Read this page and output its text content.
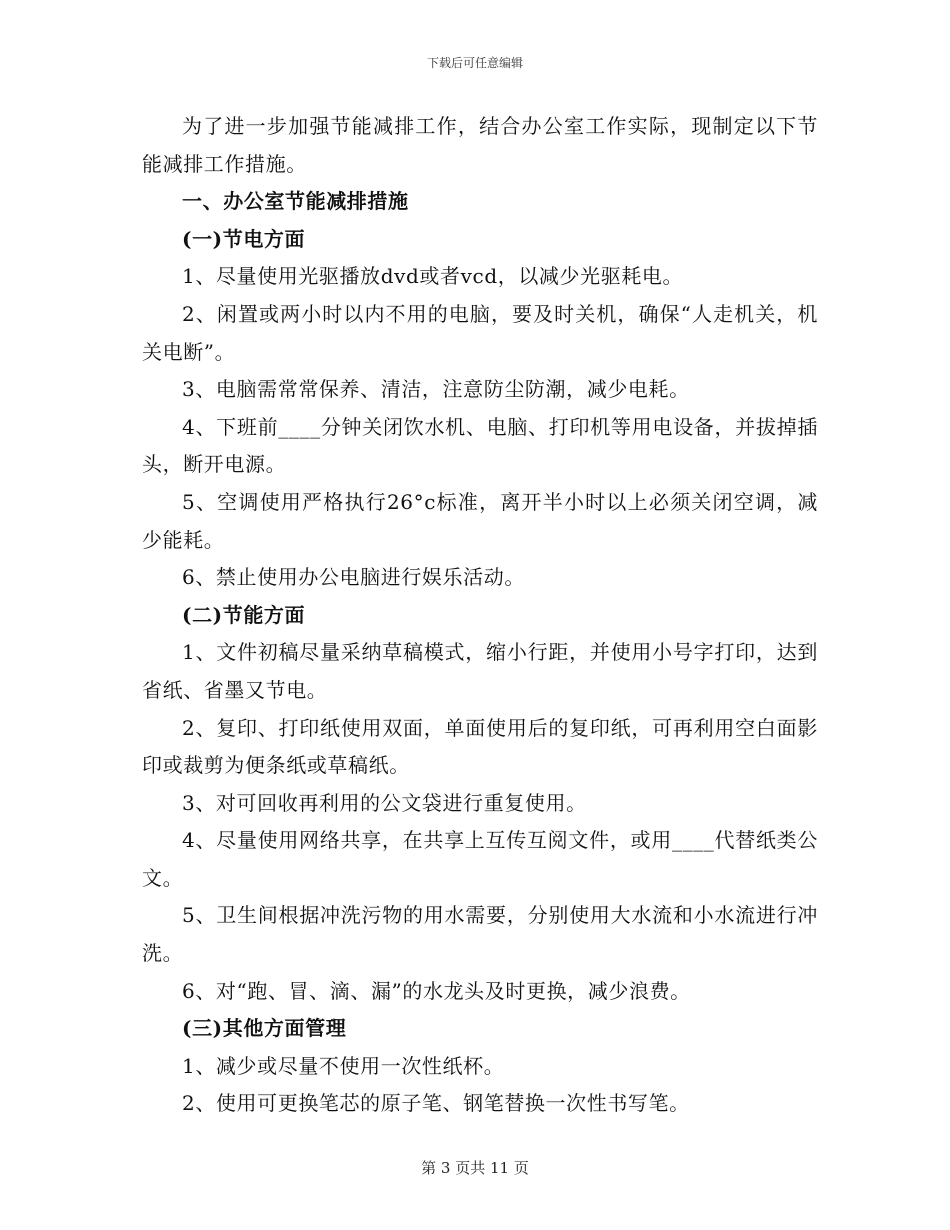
下载后可任意编辑

为了进一步加强节能减排工作，结合办公室工作实际，现制定以下节能减排工作措施。

一、办公室节能减排措施

(一)节电方面

1、尽量使用光驱播放dvd或者vcd，以减少光驱耗电。

2、闲置或两小时以内不用的电脑，要及时关机，确保“人走机关，机关电断”。

3、电脑需常常保养、清洁，注意防尘防潮，减少电耗。

4、下班前____分钟关闭饮水机、电脑、打印机等用电设备，并拔掉插头，断开电源。

5、空调使用严格执行26°c标准，离开半小时以上必须关闭空调，减少能耗。

6、禁止使用办公电脑进行娱乐活动。

(二)节能方面

1、文件初稿尽量采纳草稿模式，缩小行距，并使用小号字打印，达到省纸、省墨又节电。

2、复印、打印纸使用双面，单面使用后的复印纸，可再利用空白面影印或裁剪为便条纸或草稿纸。

3、对可回收再利用的公文袋进行重复使用。

4、尽量使用网络共享，在共享上互传互阅文件，或用____代替纸类公文。

5、卫生间根据冲洗污物的用水需要，分别使用大水流和小水流进行冲洗。

6、对“跑、冒、滴、漏”的水龙头及时更换，减少浪费。

(三)其他方面管理

1、减少或尽量不使用一次性纸杯。

2、使用可更换笔芯的原子笔、钢笔替换一次性书写笔。

第 3 页共 11 页
